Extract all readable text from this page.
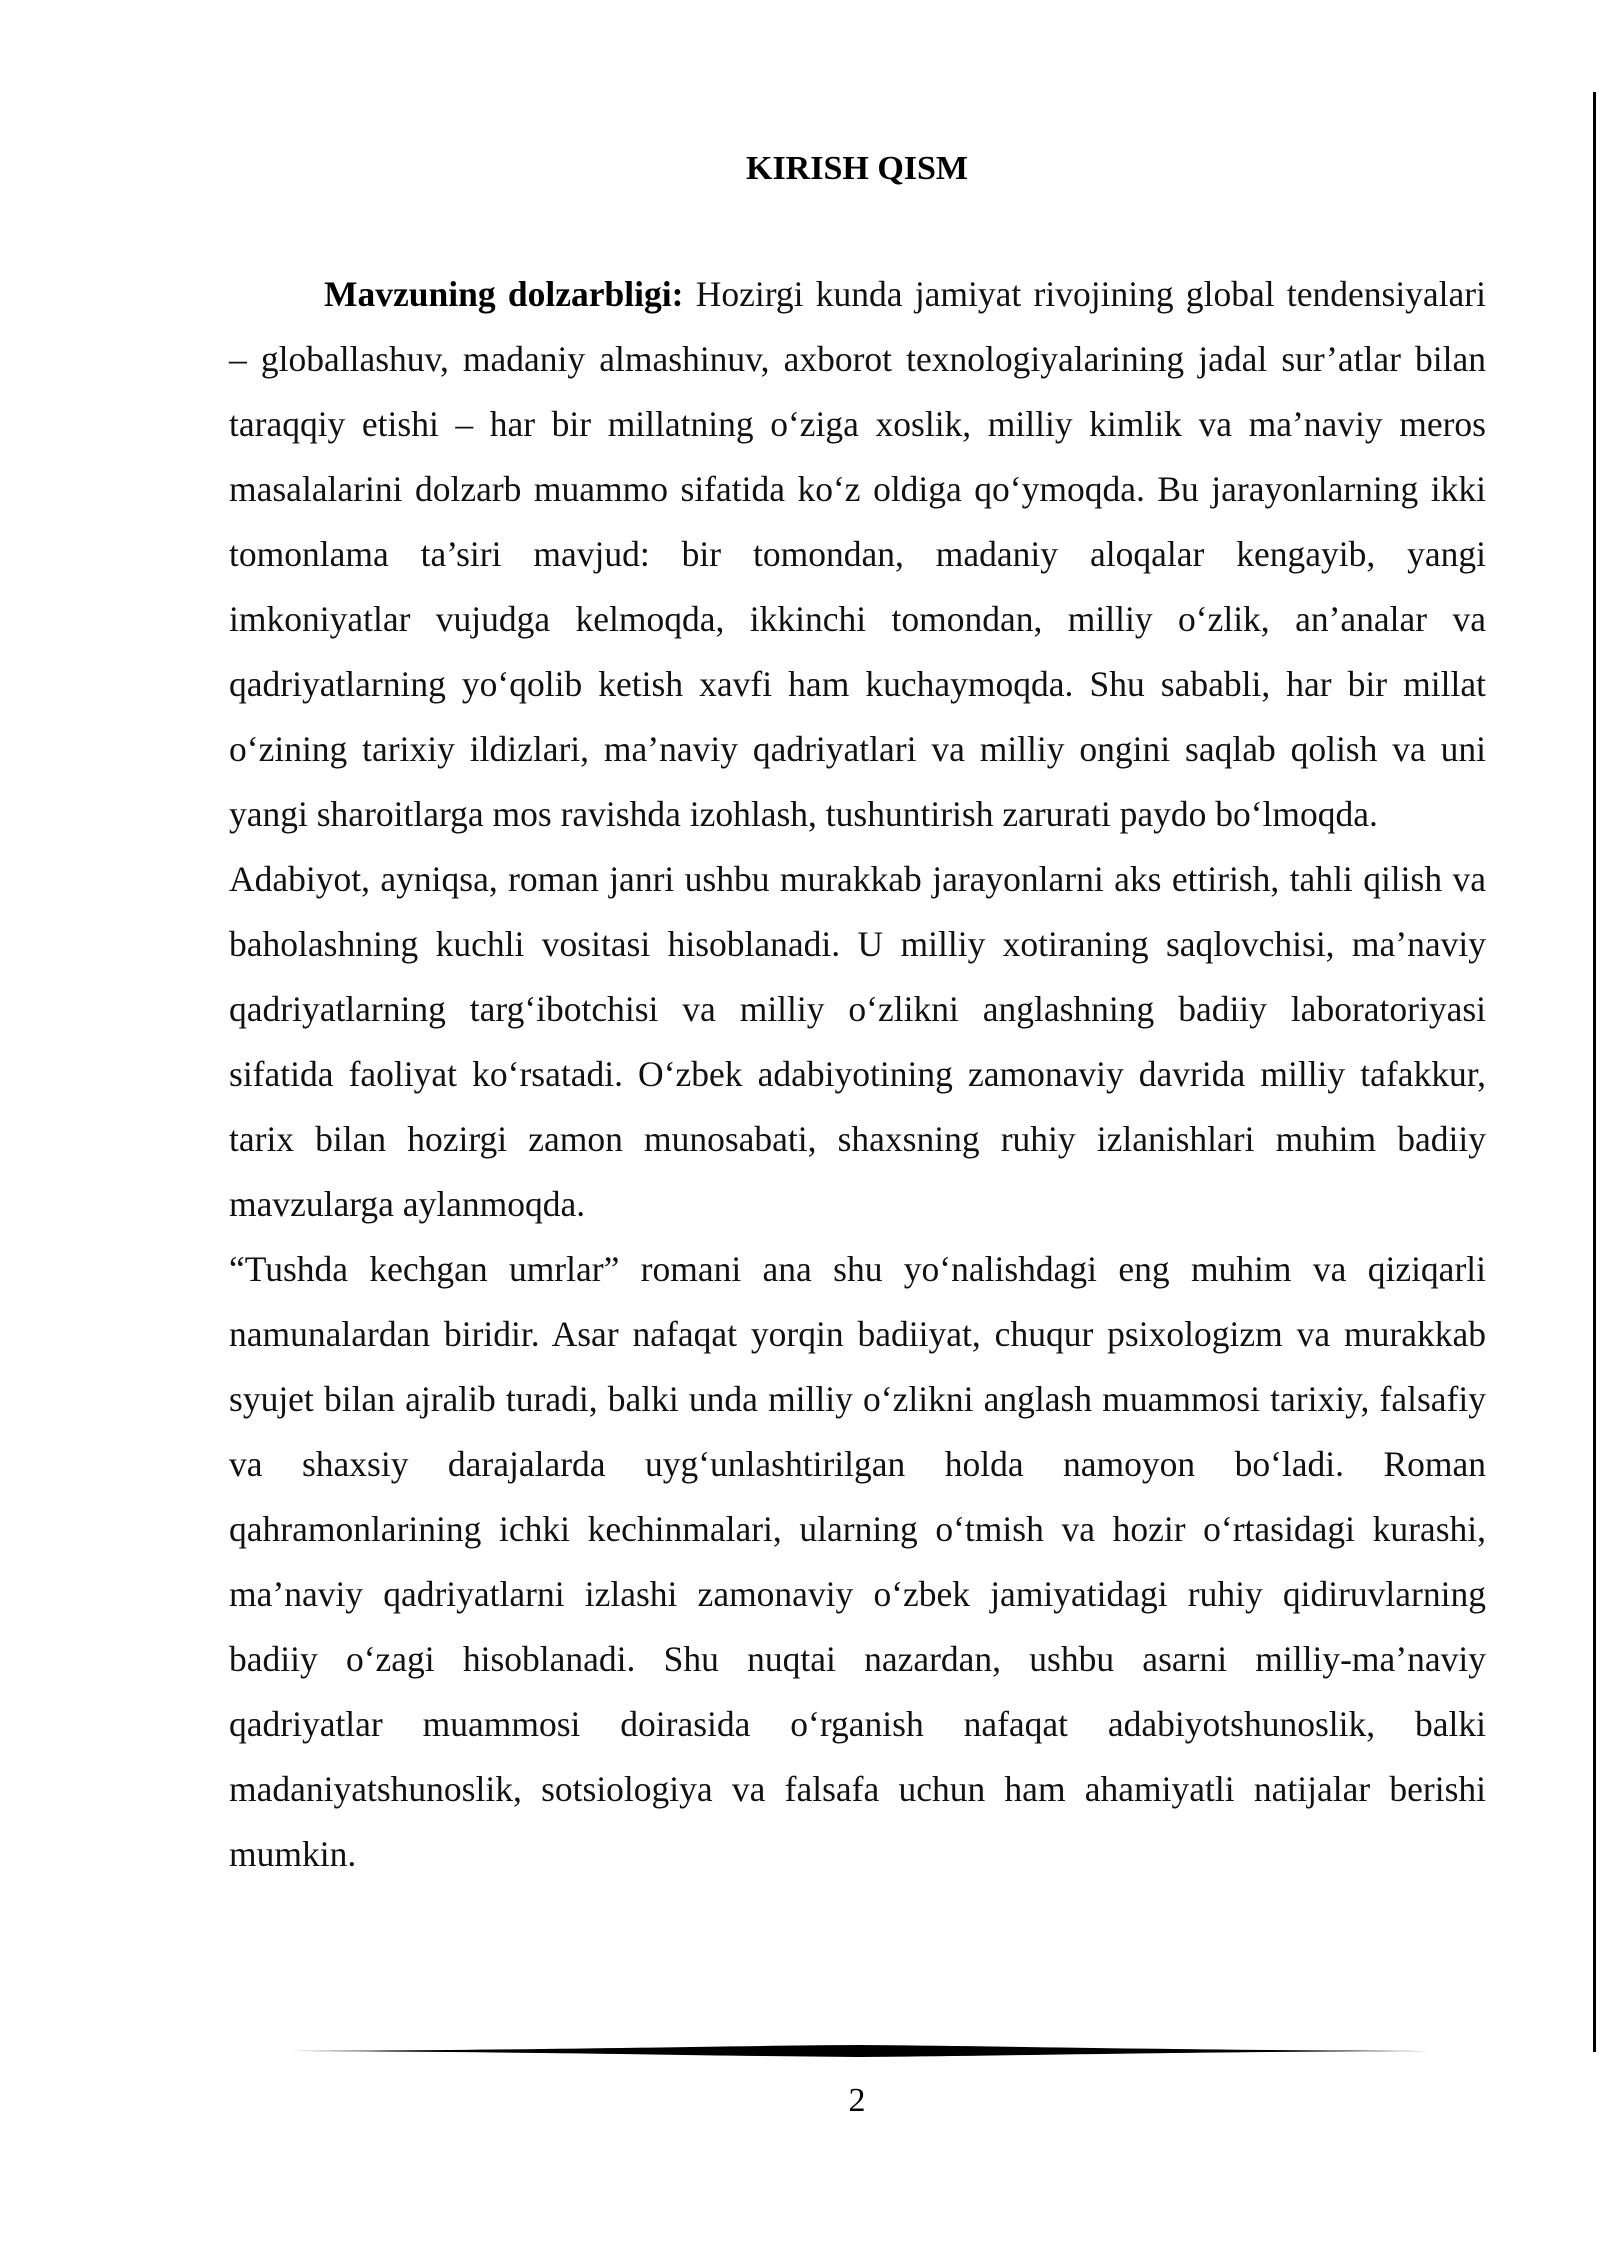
KIRISH QISM

Mavzuning dolzarbligi: Hozirgi kunda jamiyat rivojining global tendensiyalari – globallashuv, madaniy almashinuv, axborot texnologiyalarining jadal sur’atlar bilan taraqqiy etishi – har bir millatning o‘ziga xoslik, milliy kimlik va ma’naviy meros masalalarini dolzarb muammo sifatida ko‘z oldiga qo‘ymoqda. Bu jarayonlarning ikki tomonlama ta’siri mavjud: bir tomondan, madaniy aloqalar kengayib, yangi imkoniyatlar vujudga kelmoqda, ikkinchi tomondan, milliy o‘zlik, an’analar va qadriyatlarning yo‘qolib ketish xavfi ham kuchaymoqda. Shu sababli, har bir millat o‘zining tarixiy ildizlari, ma’naviy qadriyatlari va milliy ongini saqlab qolish va uni yangi sharoitlarga mos ravishda izohlash, tushuntirish zarurati paydo bo‘lmoqda.

Adabiyot, ayniqsa, roman janri ushbu murakkab jarayonlarni aks ettirish, tahli qilish va baholashning kuchli vositasi hisoblanadi. U milliy xotiraning saqlovchisi, ma’naviy qadriyatlarning targ‘ibotchisi va milliy o‘zlikni anglashning badiiy laboratoriyasi sifatida faoliyat ko‘rsatadi. O‘zbek adabiyotining zamonaviy davrida milliy tafakkur, tarix bilan hozirgi zamon munosabati, shaxsning ruhiy izlanishlari muhim badiiy mavzularga aylanmoqda.

“Tushda kechgan umrlar” romani ana shu yo‘nalishdagi eng muhim va qiziqarli namunalardan biridir. Asar nafaqat yorqin badiiyat, chuqur psixologizm va murakkab syujet bilan ajralib turadi, balki unda milliy o‘zlikni anglash muammosi tarixiy, falsafiy va shaxsiy darajalarda uyg‘unlashtirilgan holda namoyon bo‘ladi. Roman qahramonlarining ichki kechinmalari, ularning o‘tmish va hozir o‘rtasidagi kurashi, ma’naviy qadriyatlarni izlashi zamonaviy o‘zbek jamiyatidagi ruhiy qidiruvlarning badiiy o‘zagi hisoblanadi. Shu nuqtai nazardan, ushbu asarni milliy-ma’naviy qadriyatlar muammosi doirasida o‘rganish nafaqat adabiyotshunoslik, balki madaniyatshunoslik, sotsiologiya va falsafa uchun ham ahamiyatli natijalar berishi mumkin.

2
